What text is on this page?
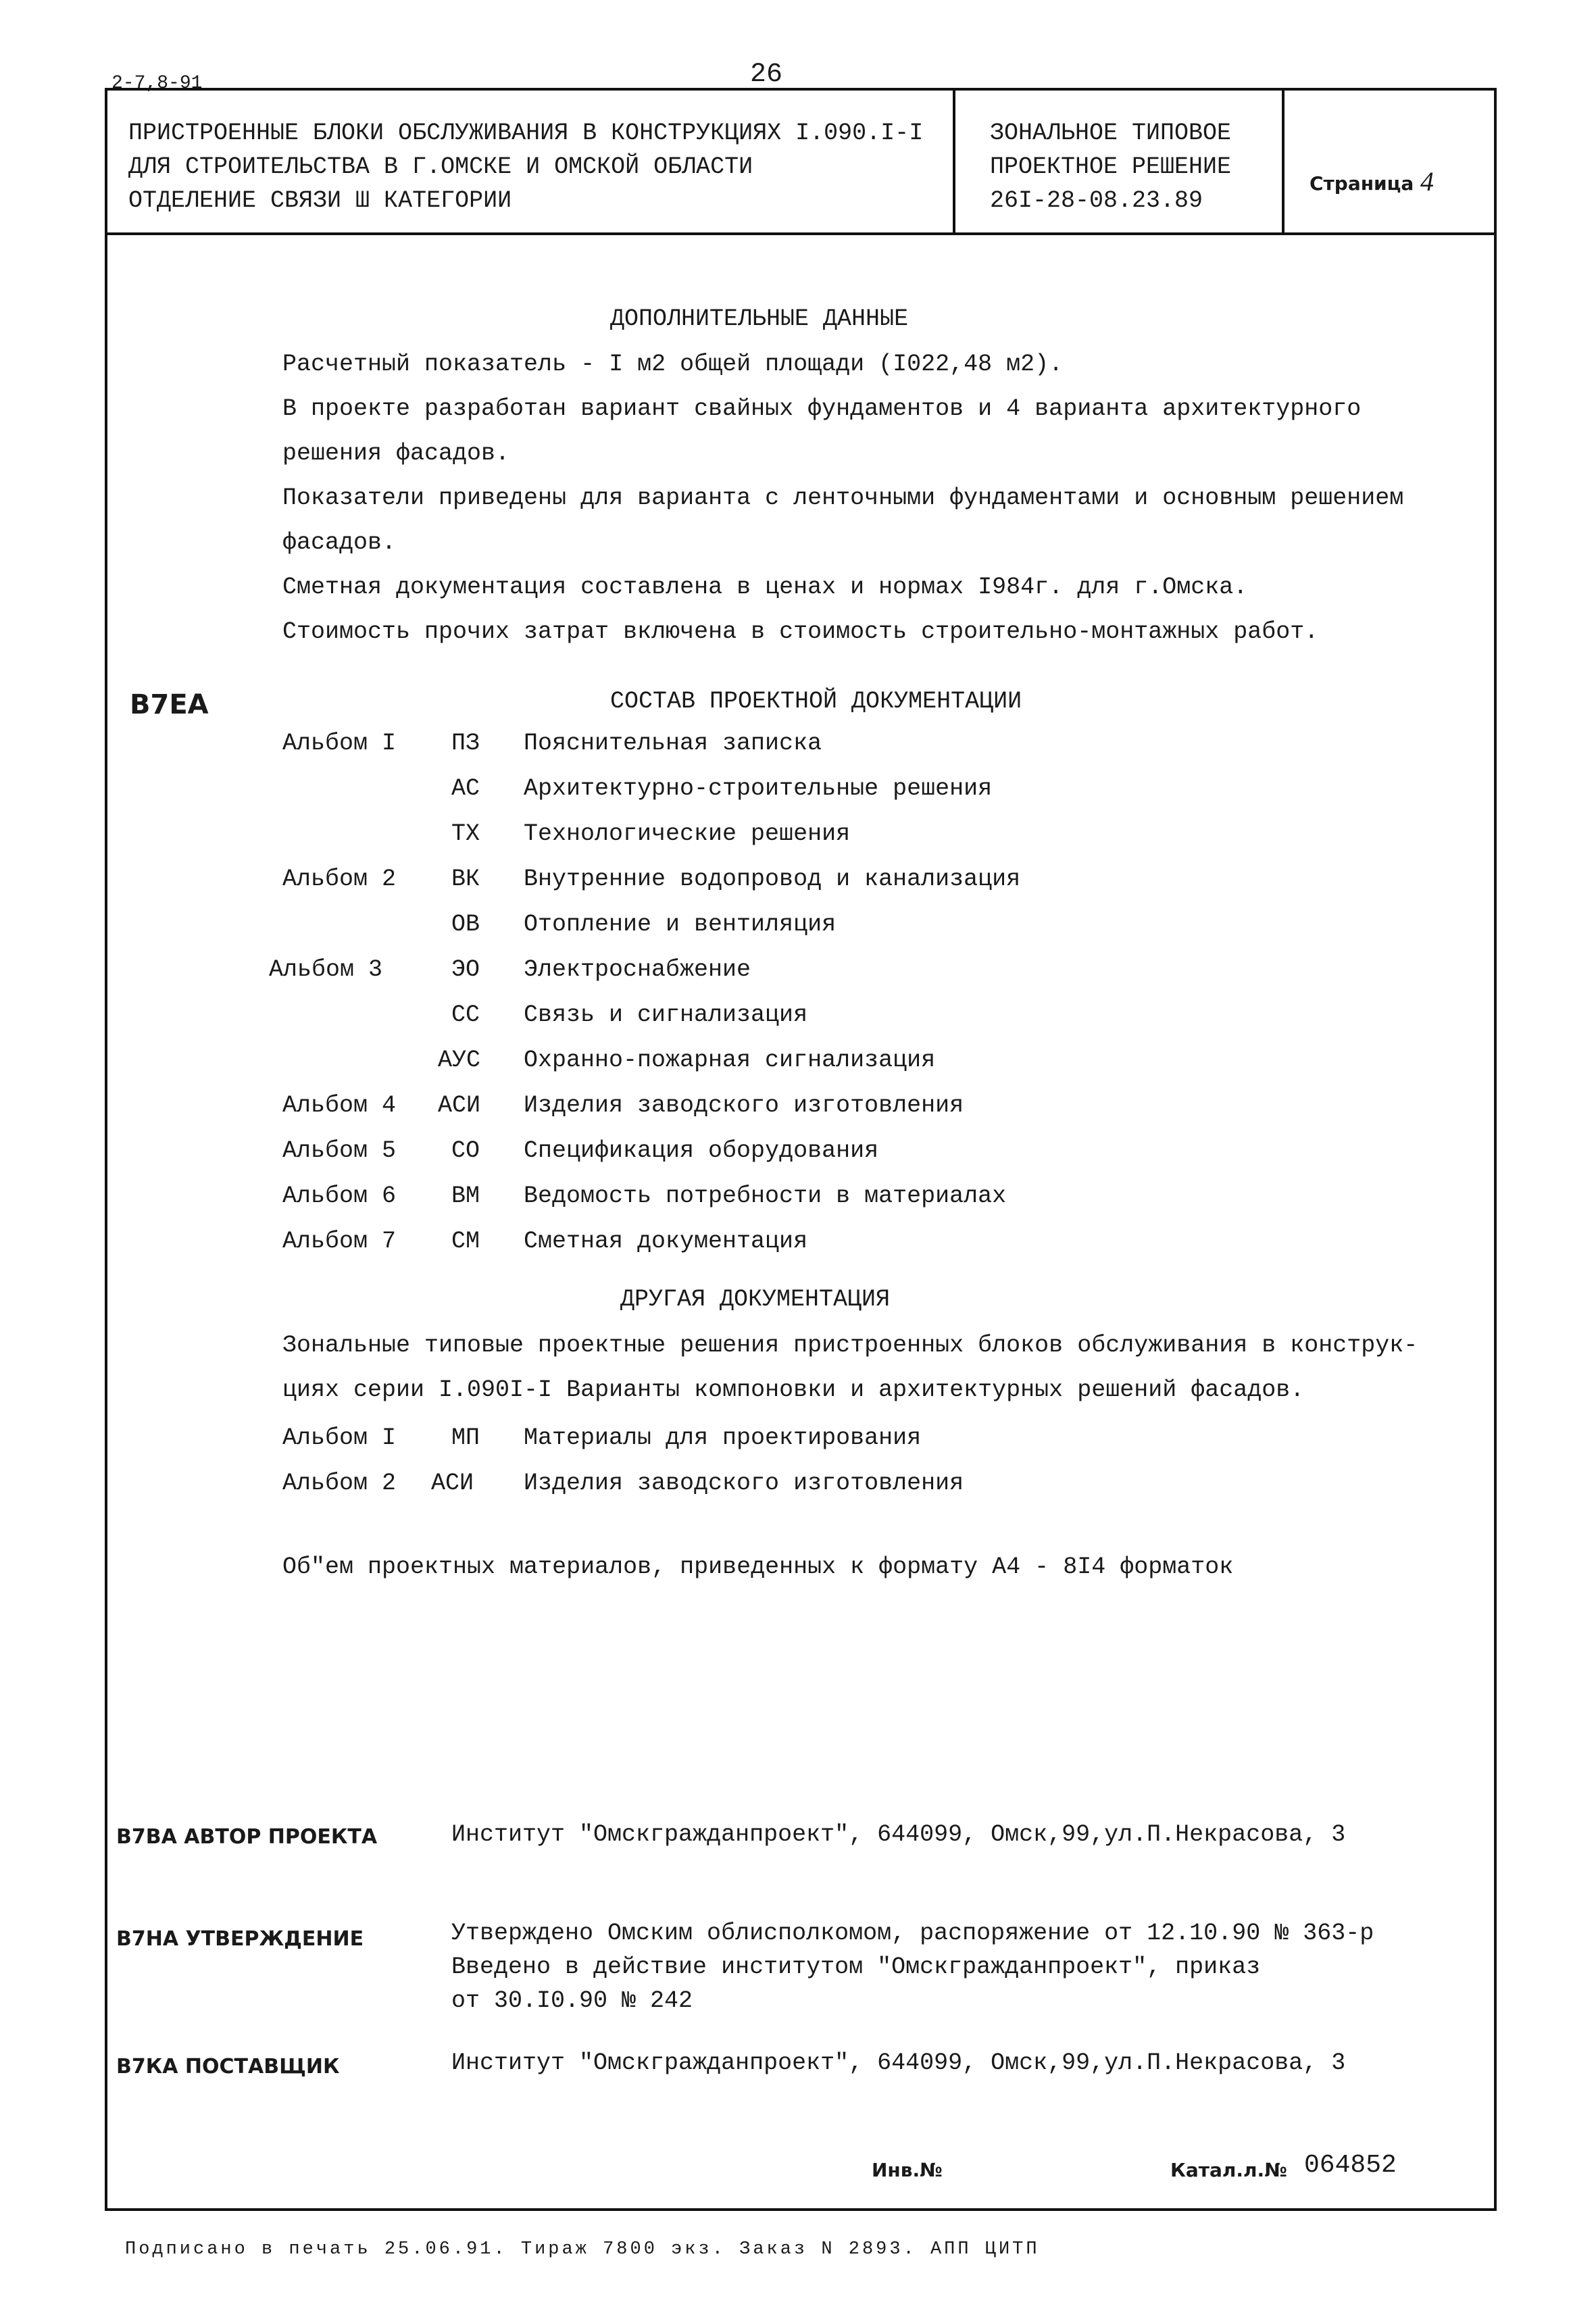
2-7,8-91	26
ПРИСТРОЕННЫЕ БЛОКИ ОБСЛУЖИВАНИЯ В КОНСТРУКЦИЯХ I.090.I-I
ДЛЯ СТРОИТЕЛЬСТВА В Г.ОМСКЕ И ОМСКОЙ ОБЛАСТИ
ОТДЕЛЕНИЕ СВЯЗИ Ш КАТЕГОРИИ
ЗОНАЛЬНОЕ ТИПОВОЕ
ПРОЕКТНОЕ РЕШЕНИЕ
26I-28-08.23.89
Страница 4
ДОПОЛНИТЕЛЬНЫЕ ДАННЫЕ
Расчетный показатель - I м2 общей площади (I022,48 м2).
В проекте разработан вариант свайных фундаментов и 4 варианта архитектурного
решения фасадов.
Показатели приведены для варианта с ленточными фундаментами и основным решением
фасадов.
Сметная документация составлена в ценах и нормах I984г. для г.Омска.
Стоимость прочих затрат включена в стоимость строительно-монтажных работ.
В7ЕА	СОСТАВ ПРОЕКТНОЙ ДОКУМЕНТАЦИИ
Альбом I ПЗ Пояснительная записка
АС Архитектурно-строительные решения
ТХ Технологические решения
Альбом 2 ВК Внутренние водопровод и канализация
ОВ Отопление и вентиляция
Альбом 3	ЭО Электроснабжение
СС Связь и сигнализация
АУС Охранно-пожарная сигнализация
Альбом 4 АСИ Изделия заводского изготовления
Альбом 5 СО Спецификация оборудования
Альбом 6 ВМ Ведомость потребности в материалах
Альбом 7 СМ Сметная документация
ДРУГАЯ ДОКУМЕНТАЦИЯ
Зональные типовые проектные решения пристроенных блоков обслуживания в конструк-
циях серии I.090I-I Варианты компоновки и архитектурных решений фасадов.
Альбом I МП Материалы для проектирования
Альбом 2 АСИ Изделия заводского изготовления
Об"ем проектных материалов, приведенных к формату А4 - 8I4 форматок
В7ВА АВТОР ПРОЕКТА	Институт "Омскгражданпроект", 644099, Омск,99,ул.П.Некрасова, 3
В7НА УТВЕРЖДЕНИЕ	Утверждено Омским облисполкомом, распоряжение от 12.10.90 № 363-р
Введено в действие институтом "Омскгражданпроект", приказ
от 30.I0.90 № 242
В7КА ПОСТАВЩИК	Институт "Омскгражданпроект", 644099, Омск,99,ул.П.Некрасова, 3
Инв.№	Катал.л.№ 064852
Подписано в печать 25.06.91. Тираж 7800 экз. Заказ N 2893. АПП ЦИТП
